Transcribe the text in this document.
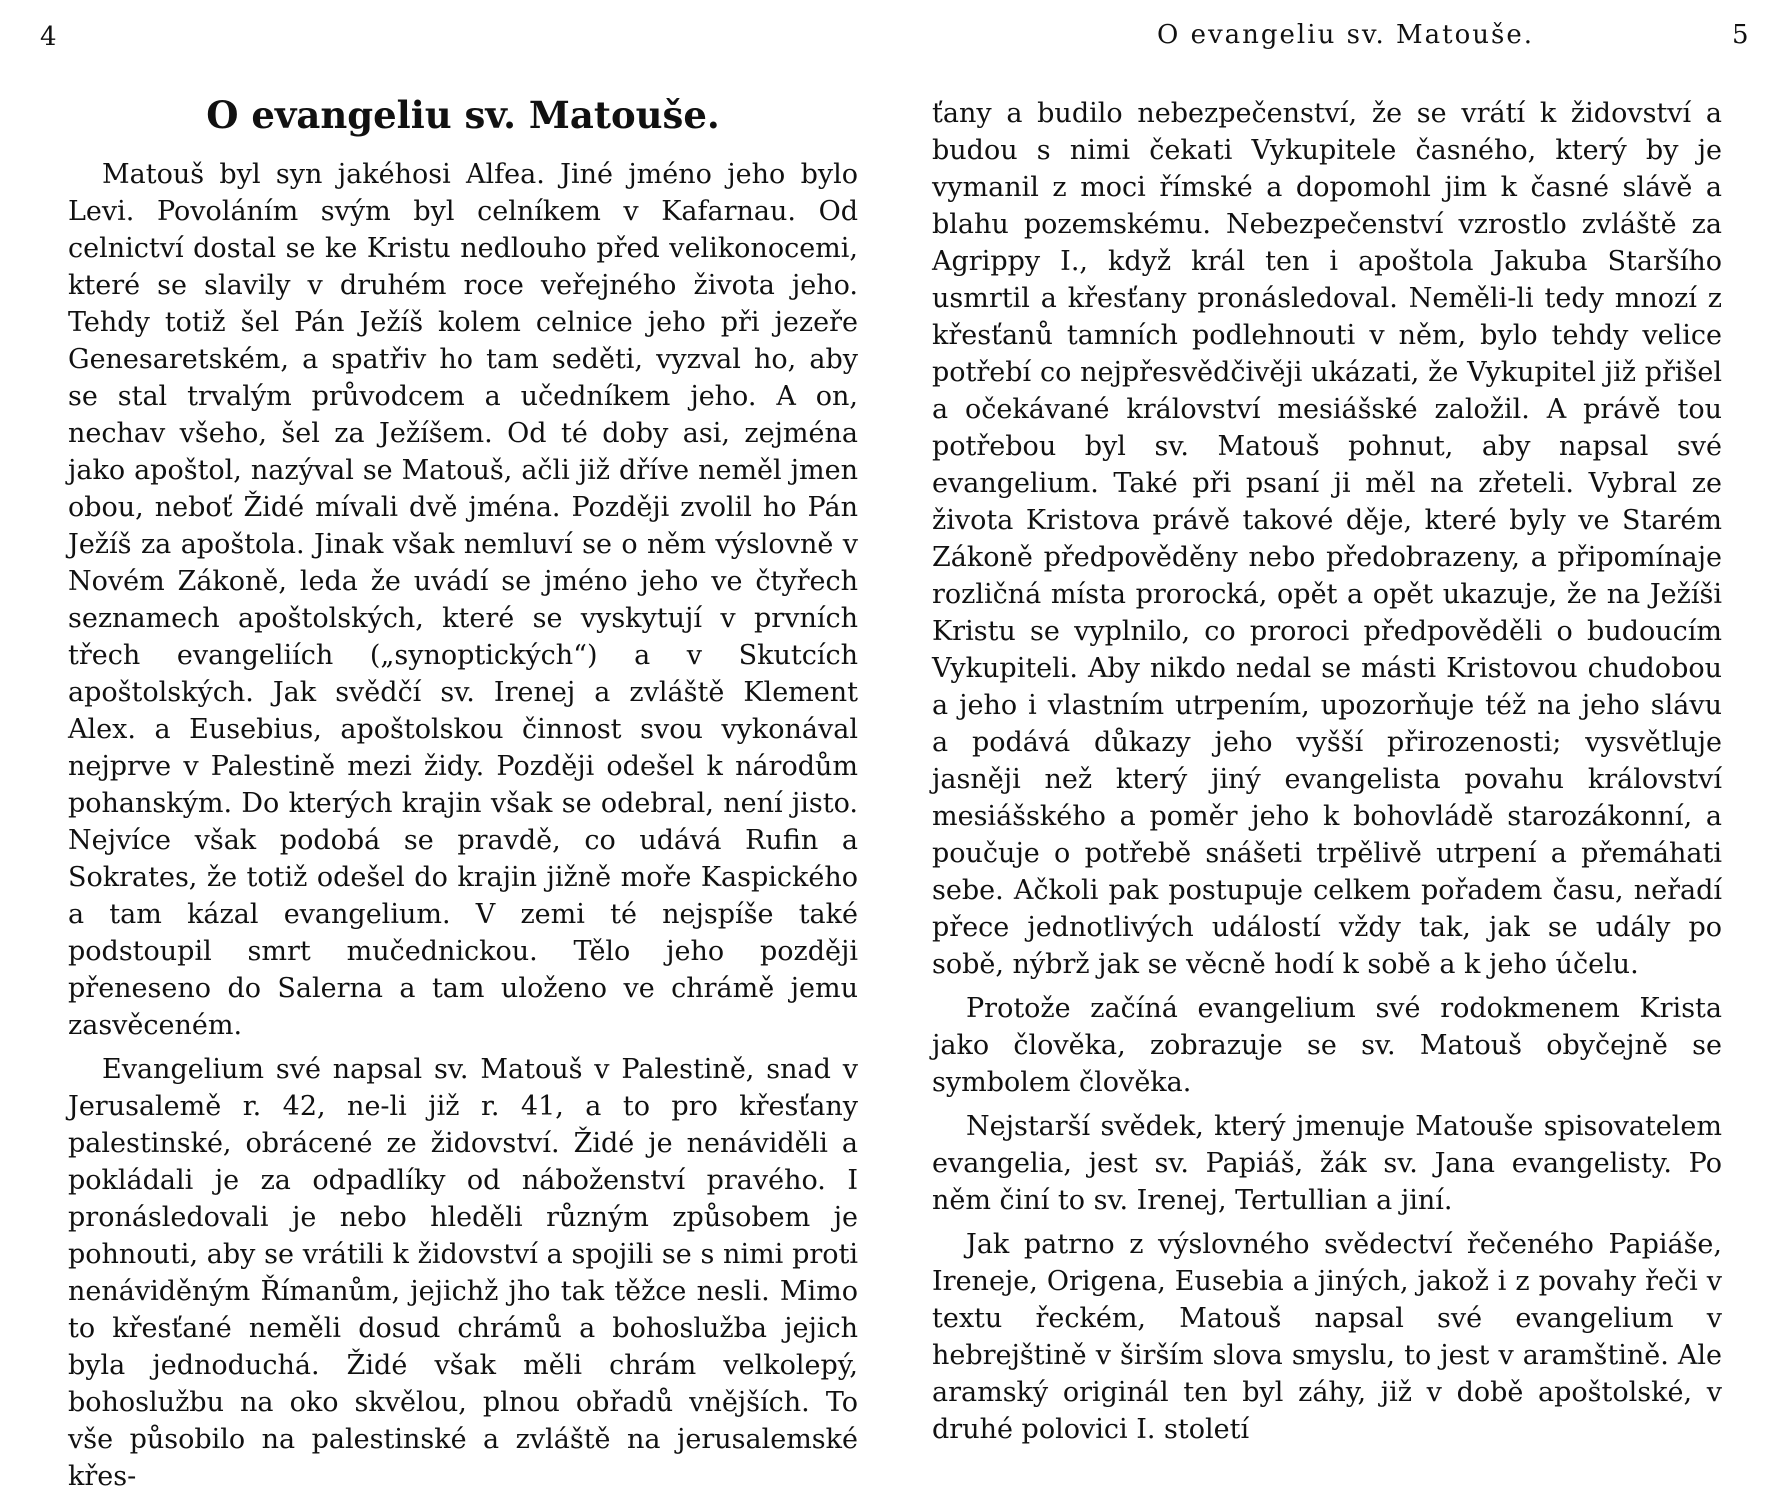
4
O evangeliu sv. Matouše.

Matouš byl syn jakéhosi Alfea. Jiné jméno jeho bylo Levi. Povoláním svým byl celníkem v Kafarnau. Od celnictví dostal se ke Kristu nedlouho před velikonocemi, které se slavily v druhém roce veřejného života jeho. Tehdy totiž šel Pán Ježíš kolem celnice jeho při jezeře Genesaretském, a spatřiv ho tam seděti, vyzval ho, aby se stal trvalým průvodcem a učedníkem jeho. A on, nechav všeho, šel za Ježíšem. Od té doby asi, zejména jako apoštol, nazýval se Matouš, ačli již dříve neměl jmen obou, neboť Židé mívali dvě jména. Později zvolil ho Pán Ježíš za apoštola. Jinak však nemluví se o něm výslovně v Novém Zákoně, leda že uvádí se jméno jeho ve čtyřech seznamech apoštolských, které se vyskytují v prvních třech evangeliích („synoptických“) a v Skutcích apoštolských. Jak svědčí sv. Irenej a zvláště Klement Alex. a Eusebius, apoštolskou činnost svou vykonával nejprve v Palestině mezi židy. Později odešel k národům pohanským. Do kterých krajin však se odebral, není jisto. Nejvíce však podobá se pravdě, co udává Rufin a Sokrates, že totiž odešel do krajin jižně moře Kaspického a tam kázal evangelium. V zemi té nejspíše také podstoupil smrt mučednickou. Tělo jeho později přeneseno do Salerna a tam uloženo ve chrámě jemu zasvěceném.

Evangelium své napsal sv. Matouš v Palestině, snad v Jerusalemě r. 42, ne-li již r. 41, a to pro křesťany palestinské, obrácené ze židovství. Židé je nenáviděli a pokládali je za odpadlíky od náboženství pravého. I pronásledovali je nebo hleděli různým způsobem je pohnouti, aby se vrátili k židovství a spojili se s nimi proti nenáviděným Římanům, jejichž jho tak těžce nesli. Mimo to křesťané neměli dosud chrámů a bohoslužba jejich byla jednoduchá. Židé však měli chrám velkolepý, bohoslužbu na oko skvělou, plnou obřadů vnějších. To vše působilo na palestinské a zvláště na jerusalemské křes-

O evangeliu sv. Matouše.	5

ťany a budilo nebezpečenství, že se vrátí k židovství a budou s nimi čekati Vykupitele časného, který by je vymanil z moci římské a dopomohl jim k časné slávě a blahu pozemskému. Nebezpečenství vzrostlo zvláště za Agrippy I., když král ten i apoštola Jakuba Staršího usmrtil a křesťany pronásledoval. Neměli-li tedy mnozí z křesťanů tamních podlehnouti v něm, bylo tehdy velice potřebí co nejpřesvědčivěji ukázati, že Vykupitel již přišel a očekávané království mesiášské založil. A právě tou potřebou byl sv. Matouš pohnut, aby napsal své evangelium. Také při psaní ji měl na zřeteli. Vybral ze života Kristova právě takové děje, které byly ve Starém Zákoně předpověděny nebo předobrazeny, a připomínaje rozličná místa prorocká, opět a opět ukazuje, že na Ježíši Kristu se vyplnilo, co proroci předpověděli o budoucím Vykupiteli. Aby nikdo nedal se másti Kristovou chudobou a jeho i vlastním utrpením, upozorňuje též na jeho slávu a podává důkazy jeho vyšší přirozenosti; vysvětluje jasněji než který jiný evangelista povahu království mesiášského a poměr jeho k bohovládě starozákonní, a poučuje o potřebě snášeti trpělivě utrpení a přemáhati sebe. Ačkoli pak postupuje celkem pořadem času, neřadí přece jednotlivých událostí vždy tak, jak se udály po sobě, nýbrž jak se věcně hodí k sobě a k jeho účelu.

Protože začíná evangelium své rodokmenem Krista jako člověka, zobrazuje se sv. Matouš obyčejně se symbolem člověka.

Nejstarší svědek, který jmenuje Matouše spisovatelem evangelia, jest sv. Papiáš, žák sv. Jana evangelisty. Po něm činí to sv. Irenej, Tertullian a jiní.

Jak patrno z výslovného svědectví řečeného Papiáše, Ireneje, Origena, Eusebia a jiných, jakož i z povahy řeči v textu řeckém, Matouš napsal své evangelium v hebrejštině v širším slova smyslu, to jest v aramštině. Ale aramský originál ten byl záhy, již v době apoštolské, v druhé polovici I. století
